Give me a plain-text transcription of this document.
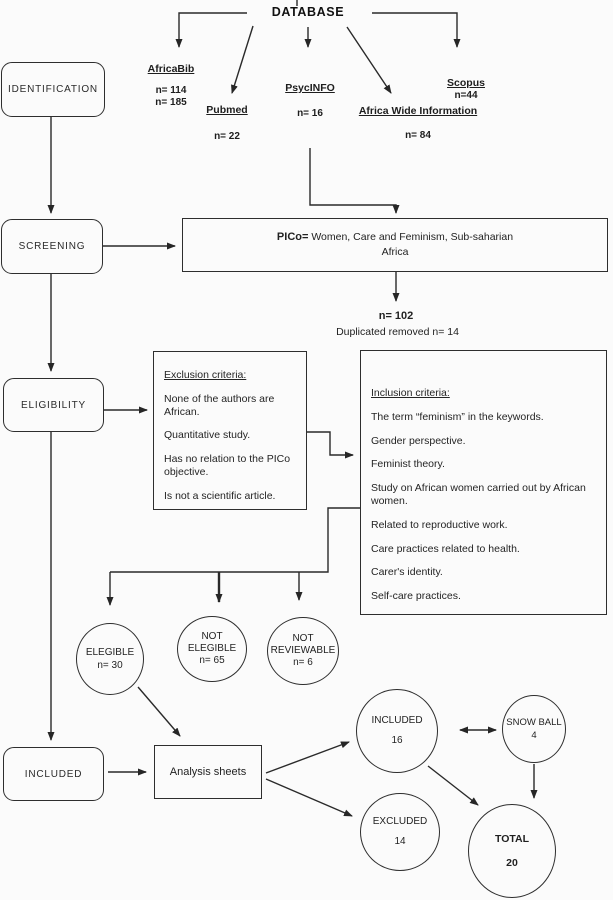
DATABASE
AfricaBib
n= 114
n= 185
Pubmed
n= 22
PsycINFO
n= 16	Africa Wide Information
n= 84
Scopus
n=44
IDENTIFICATION
SCREENING
ELIGIBILITY
INCLUDED
PICo= Women, Care and Feminism, Sub-saharian
Africa
n= 102
Duplicated removed n= 14
Exclusion criteria:

None of the authors are African.

Quantitative study.

Has no relation to the PICo objective.

Is not a scientific article.

Inclusion criteria:

The term “feminism” in the keywords.

Gender perspective.

Feminist theory.

Study on African women carried out by African women.

Related to reproductive work.

Care practices related to health.

Carer's identity.

Self-care practices.

ELEGIBLE
n= 30
NOT
ELEGIBLE
n= 65
NOT
REVIEWABLE
n= 6
Analysis sheets
INCLUDED
16
SNOW BALL
4
EXCLUDED
14	TOTAL
20
